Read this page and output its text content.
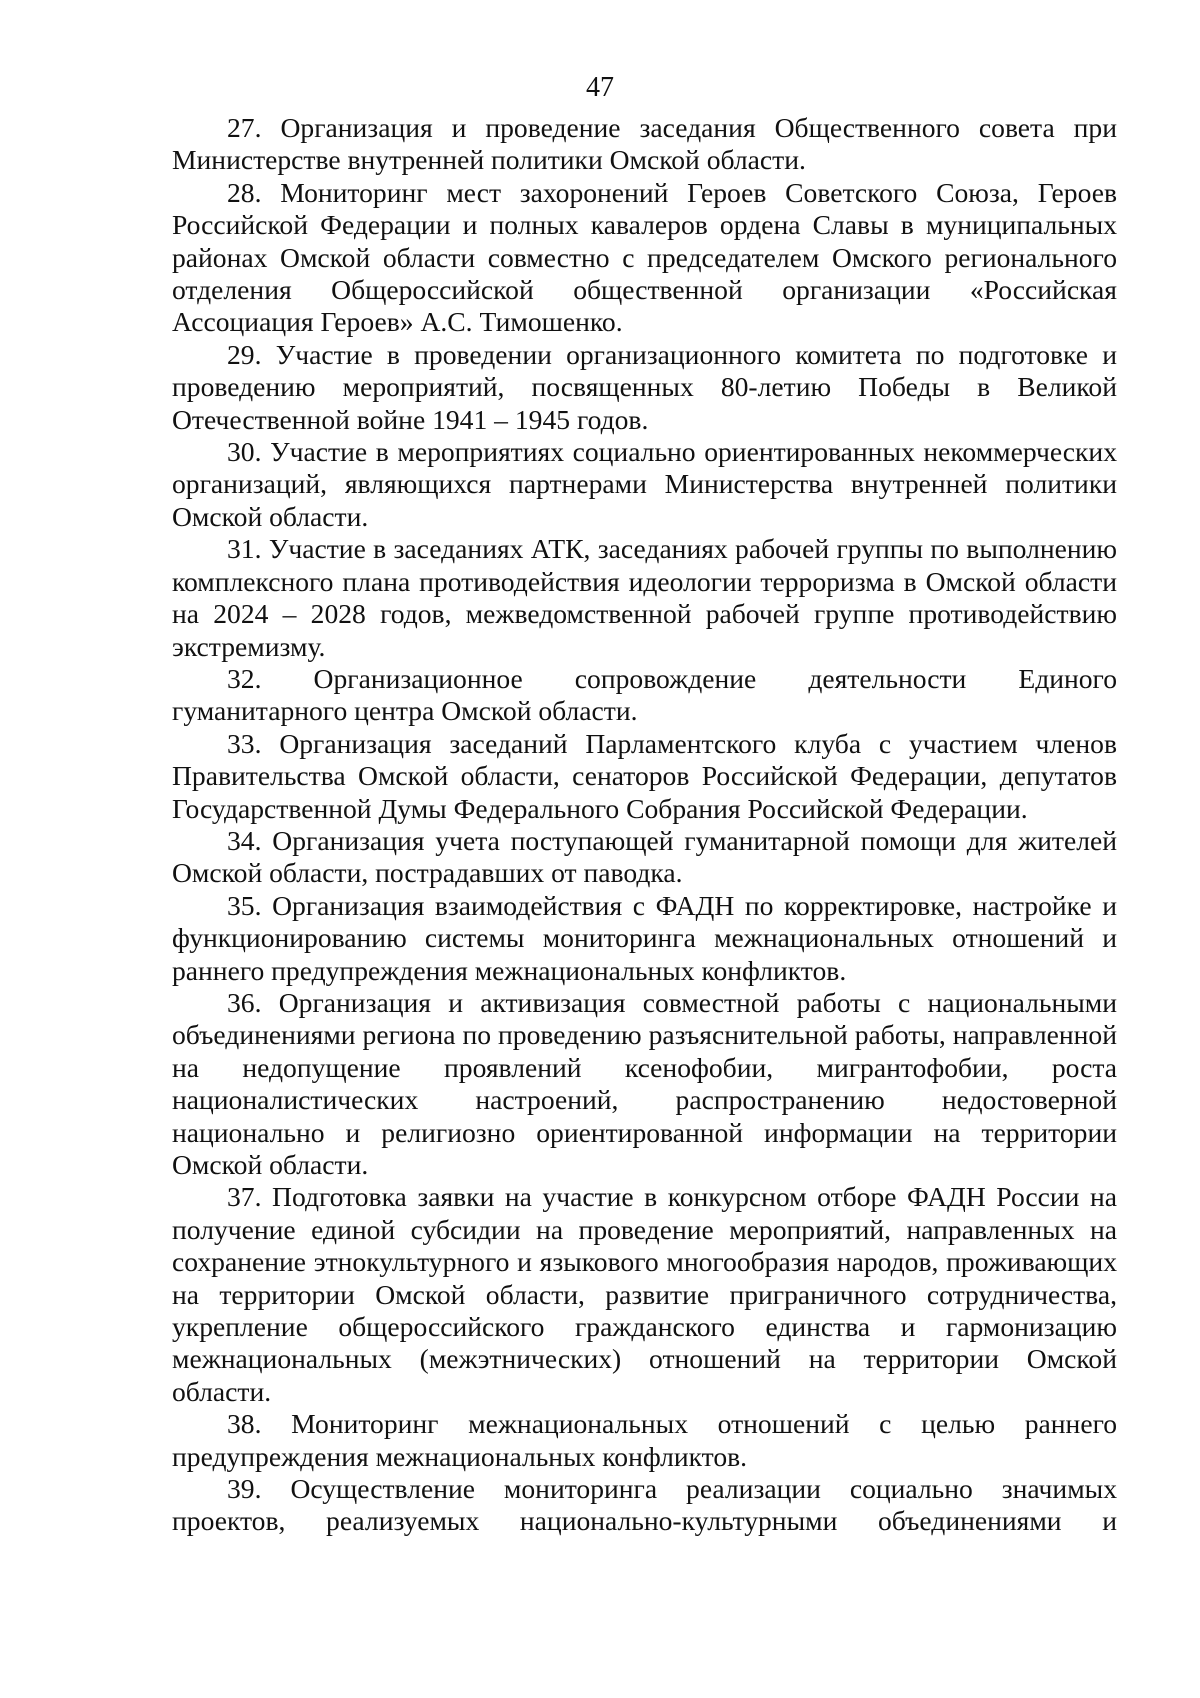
47

27. Организация и проведение заседания Общественного совета при Министерстве внутренней политики Омской области.

28. Мониторинг мест захоронений Героев Советского Союза, Героев Российской Федерации и полных кавалеров ордена Славы в муниципальных районах Омской области совместно с председателем Омского регионального отделения Общероссийской общественной организации «Российская Ассоциация Героев» А.С. Тимошенко.

29. Участие в проведении организационного комитета по подготовке и проведению мероприятий, посвященных 80-летию Победы в Великой Отечественной войне 1941 – 1945 годов.

30. Участие в мероприятиях социально ориентированных некоммерческих организаций, являющихся партнерами Министерства внутренней политики Омской области.

31. Участие в заседаниях АТК, заседаниях рабочей группы по выполнению комплексного плана противодействия идеологии терроризма в Омской области на 2024 – 2028 годов, межведомственной рабочей группе противодействию экстремизму.

32. Организационное сопровождение деятельности Единого гуманитарного центра Омской области.

33. Организация заседаний Парламентского клуба с участием членов Правительства Омской области, сенаторов Российской Федерации, депутатов Государственной Думы Федерального Собрания Российской Федерации.

34. Организация учета поступающей гуманитарной помощи для жителей Омской области, пострадавших от паводка.

35. Организация взаимодействия с ФАДН по корректировке, настройке и функционированию системы мониторинга межнациональных отношений и раннего предупреждения межнациональных конфликтов.

36. Организация и активизация совместной работы с национальными объединениями региона по проведению разъяснительной работы, направленной на недопущение проявлений ксенофобии, мигрантофобии, роста националистических настроений, распространению недостоверной национально и религиозно ориентированной информации на территории Омской области.

37. Подготовка заявки на участие в конкурсном отборе ФАДН России на получение единой субсидии на проведение мероприятий, направленных на сохранение этнокультурного и языкового многообразия народов, проживающих на территории Омской области, развитие приграничного сотрудничества, укрепление общероссийского гражданского единства и гармонизацию межнациональных (межэтнических) отношений на территории Омской области.

38. Мониторинг межнациональных отношений с целью раннего предупреждения межнациональных конфликтов.

39. Осуществление мониторинга реализации социально значимых проектов, реализуемых национально-культурными объединениями и
